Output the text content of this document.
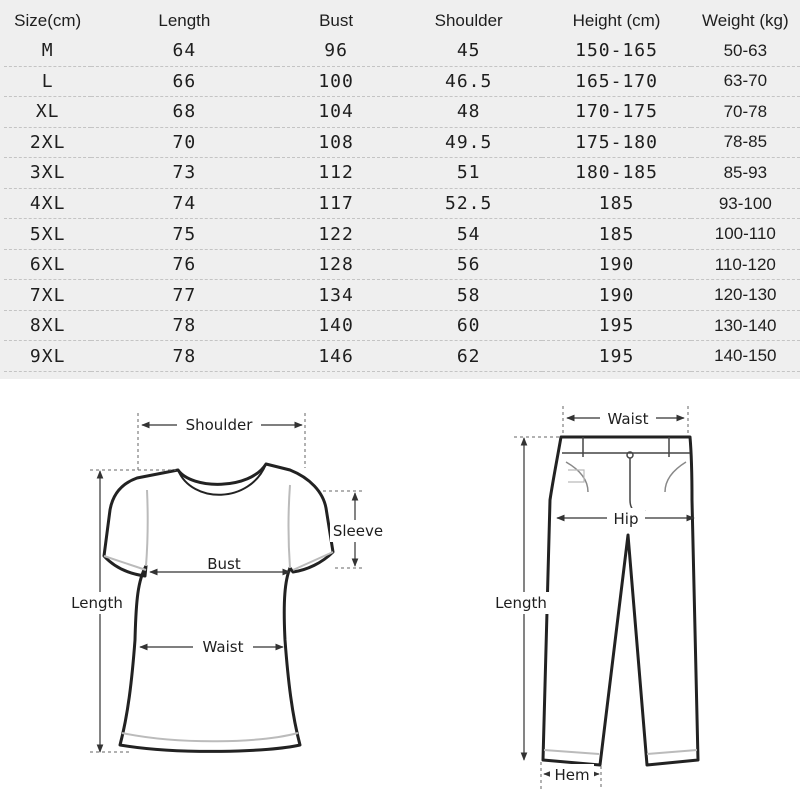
Size(cm)	Length	Bust	Shoulder	Height (cm)	Weight (kg)
M	64	96	45	150-165	50-63
L	66	100	46.5	165-170	63-70
XL	68	104	48	170-175	70-78
2XL	70	108	49.5	175-180	78-85
3XL	73	112	51	180-185	85-93
4XL	74	117	52.5	185	93-100
5XL	75	122	54	185	100-110
6XL	76	128	56	190	110-120
7XL	77	134	58	190	120-130
8XL	78	140	60	195	130-140
9XL	78	146	62	195	140-150
Shoulder
Sleeve
Bust
Waist
Length
Waist
Hip
Length
Hem
